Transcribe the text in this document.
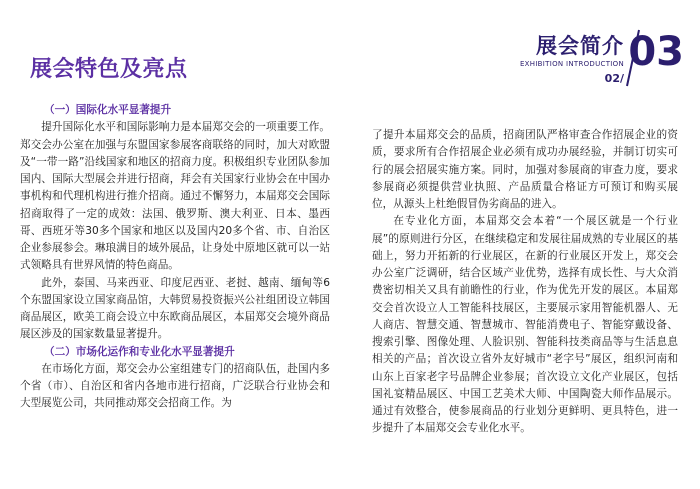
展会简介
EXHIBITION INTRODUCTION
02/
03
展会特色及亮点

（一）国际化水平显著提升

提升国际化水平和国际影响力是本届郑交会的一项重要工作。郑交会办公室在加强与东盟国家参展客商联络的同时，加大对欧盟及“一带一路”沿线国家和地区的招商力度。积极组织专业团队参加国内、国际大型展会并进行招商，拜会有关国家行业协会在中国办事机构和代理机构进行推介招商。通过不懈努力，本届郑交会国际招商取得了一定的成效：法国、俄罗斯、澳大利亚、日本、墨西哥、西班牙等30多个国家和地区以及国内20多个省、市、自治区企业参展参会。琳琅满目的域外展品，让身处中原地区就可以一站式领略具有世界风情的特色商品。

此外，泰国、马来西亚、印度尼西亚、老挝、越南、缅甸等6个东盟国家设立国家商品馆，大韩贸易投资振兴公社组团设立韩国商品展区，欧美工商会设立中东欧商品展区，本届郑交会境外商品展区涉及的国家数量显著提升。

（二）市场化运作和专业化水平显著提升

在市场化方面，郑交会办公室组建专门的招商队伍，赴国内多个省（市）、自治区和省内各地市进行招商，广泛联合行业协会和大型展览公司，共同推动郑交会招商工作。为

了提升本届郑交会的品质，招商团队严格审查合作招展企业的资质，要求所有合作招展企业必须有成功办展经验，并制订切实可行的展会招展实施方案。同时，加强对参展商的审查力度，要求参展商必须提供营业执照、产品质量合格证方可预订和购买展位，从源头上杜绝假冒伪劣商品的进入。

在专业化方面，本届郑交会本着“一个展区就是一个行业展”的原则进行分区，在继续稳定和发展往届成熟的专业展区的基础上，努力开拓新的行业展区，在新的行业展区开发上，郑交会办公室广泛调研，结合区域产业优势，选择有成长性、与大众消费密切相关又具有前瞻性的行业，作为优先开发的展区。本届郑交会首次设立人工智能科技展区，主要展示家用智能机器人、无人商店、智慧交通、智慧城市、智能消费电子、智能穿戴设备、搜索引擎、图像处理、人脸识别、智能科技类商品等与生活息息相关的产品；首次设立省外友好城市“老字号”展区，组织河南和山东上百家老字号品牌企业参展；首次设立文化产业展区，包括国礼宴精品展区、中国工艺美术大师、中国陶瓷大师作品展示。通过有效整合，使参展商品的行业划分更鲜明、更具特色，进一步提升了本届郑交会专业化水平。
